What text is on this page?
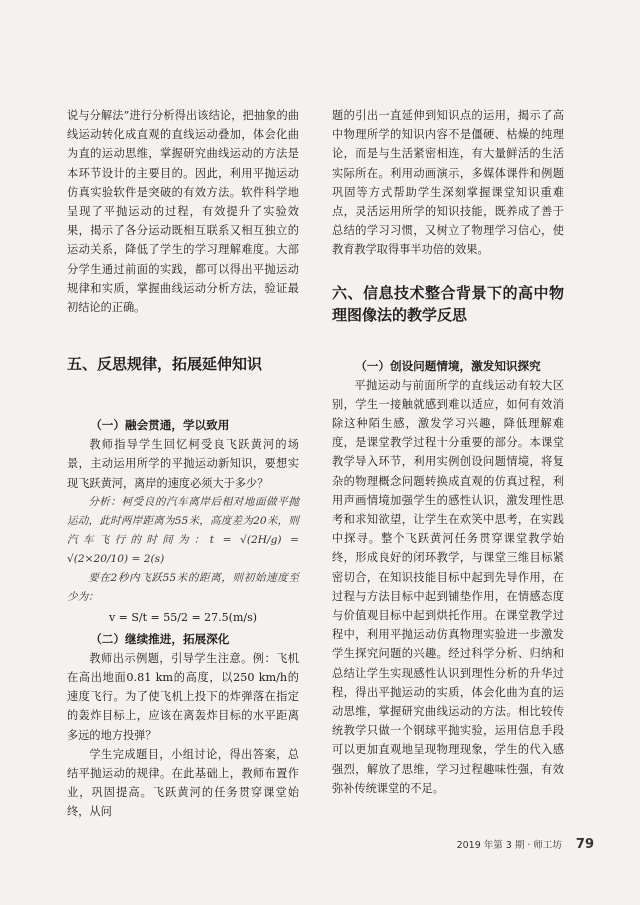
说与分解法”进行分析得出该结论，把抽象的曲线运动转化成直观的直线运动叠加，体会化曲为直的运动思维，掌握研究曲线运动的方法是本环节设计的主要目的。因此，利用平抛运动仿真实验软件是突破的有效方法。软件科学地呈现了平抛运动的过程，有效提升了实验效果，揭示了各分运动既相互联系又相互独立的运动关系，降低了学生的学习理解难度。大部分学生通过前面的实践，都可以得出平抛运动规律和实质，掌握曲线运动分析方法，验证最初结论的正确。

五、反思规律，拓展延伸知识

（一）融会贯通，学以致用

教师指导学生回忆柯受良飞跃黄河的场景，主动运用所学的平抛运动新知识，要想实现飞跃黄河，离岸的速度必须大于多少？

分析：柯受良的汽车离岸后相对地面做平抛运动，此时两岸距离为55米，高度差为20米，则汽车飞行的时间为：t = √(2H/g) = √(2×20/10) = 2(s)

要在2秒内飞跃55米的距离，则初始速度至少为：

v = S/t = 55/2 = 27.5(m/s)

（二）继续推进，拓展深化

教师出示例题，引导学生注意。例：飞机在高出地面0.81 km的高度，以250 km/h的速度飞行。为了使飞机上投下的炸弹落在指定的轰炸目标上，应该在离轰炸目标的水平距离多远的地方投弹？

学生完成题目，小组讨论，得出答案，总结平抛运动的规律。在此基础上，教师布置作业，巩固提高。飞跃黄河的任务贯穿课堂始终，从问

题的引出一直延伸到知识点的运用，揭示了高中物理所学的知识内容不是僵硬、枯燥的纯理论，而是与生活紧密相连，有大量鲜活的生活实际所在。利用动画演示，多媒体课件和例题巩固等方式帮助学生深刻掌握课堂知识重难点，灵活运用所学的知识技能，既养成了善于总结的学习习惯，又树立了物理学习信心，使教育教学取得事半功倍的效果。

六、信息技术整合背景下的高中物理图像法的教学反思

（一）创设问题情境，激发知识探究

平抛运动与前面所学的直线运动有较大区别，学生一接触就感到难以适应，如何有效消除这种陌生感，激发学习兴趣，降低理解难度，是课堂教学过程十分重要的部分。本课堂教学导入环节，利用实例创设问题情境，将复杂的物理概念问题转换成直观的仿真过程，利用声画情境加强学生的感性认识，激发理性思考和求知欲望，让学生在欢笑中思考，在实践中探寻。整个飞跃黄河任务贯穿课堂教学始终，形成良好的闭环教学，与课堂三维目标紧密切合，在知识技能目标中起到先导作用，在过程与方法目标中起到铺垫作用，在情感态度与价值观目标中起到烘托作用。在课堂教学过程中，利用平抛运动仿真物理实验进一步激发学生探究问题的兴趣。经过科学分析、归纳和总结让学生实现感性认识到理性分析的升华过程，得出平抛运动的实质，体会化曲为直的运动思维，掌握研究曲线运动的方法。相比较传统教学只做一个钢球平抛实验，运用信息手段可以更加直观地呈现物理现象，学生的代入感强烈，解放了思维，学习过程趣味性强，有效弥补传统课堂的不足。

2019 年第 3 期 · 师工坊 79
